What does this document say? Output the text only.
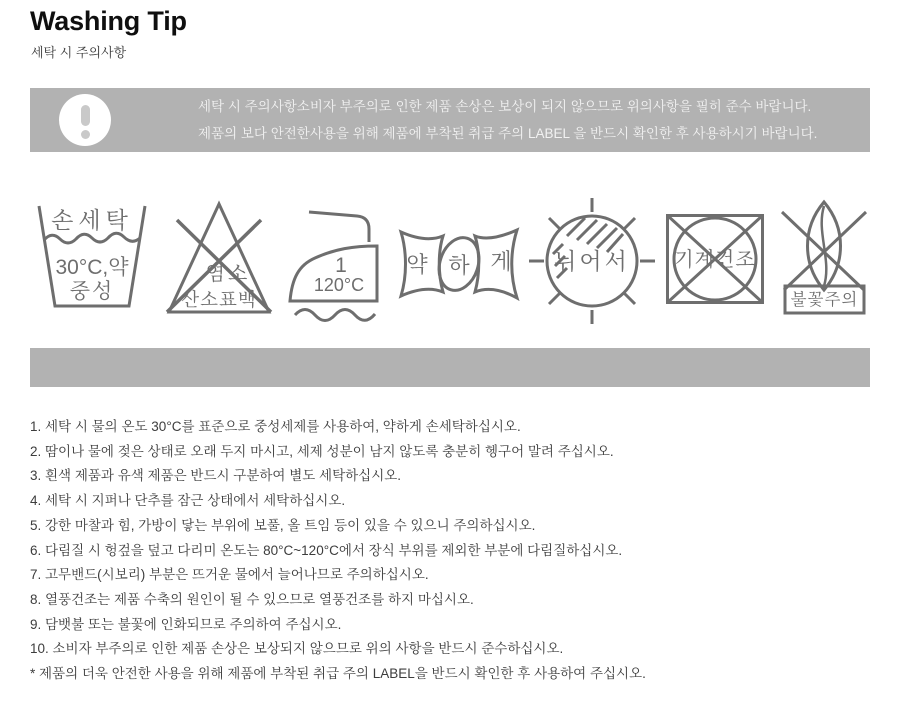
Washing Tip
세탁 시 주의사항
세탁 시 주의사항소비자 부주의로 인한 제품 손상은 보상이 되지 않으므로 위의사항을 필히 준수 바랍니다.
제품의 보다 안전한사용을 위해 제품에 부착된 취급 주의 LABEL 을 반드시 확인한 후 사용하시기 바랍니다.
손세탁
30°C,약
중성
염소
산소표백
1
120°C
약 하 게 뉘어서 기계건조
불꽃주의
1. 세탁 시 물의 온도 30°C를 표준으로 중성세제를 사용하여, 약하게 손세탁하십시오.
2. 땀이나 물에 젖은 상태로 오래 두지 마시고, 세제 성분이 남지 않도록 충분히 헹구어 말려 주십시오.
3. 흰색 제품과 유색 제품은 반드시 구분하여 별도 세탁하십시오.
4. 세탁 시 지퍼나 단추를 잠근 상태에서 세탁하십시오.
5. 강한 마찰과 힘, 가방이 닿는 부위에 보풀, 올 트임 등이 있을 수 있으니 주의하십시오.
6. 다림질 시 헝겊을 덮고 다리미 온도는 80°C~120°C에서 장식 부위를 제외한 부분에 다림질하십시오.
7. 고무밴드(시보리) 부분은 뜨거운 물에서 늘어나므로 주의하십시오.
8. 열풍건조는 제품 수축의 원인이 될 수 있으므로 열풍건조를 하지 마십시오.
9. 담뱃불 또는 불꽃에 인화되므로 주의하여 주십시오.
10. 소비자 부주의로 인한 제품 손상은 보상되지 않으므로 위의 사항을 반드시 준수하십시오.
* 제품의 더욱 안전한 사용을 위해 제품에 부착된 취급 주의 LABEL을 반드시 확인한 후 사용하여 주십시오.
